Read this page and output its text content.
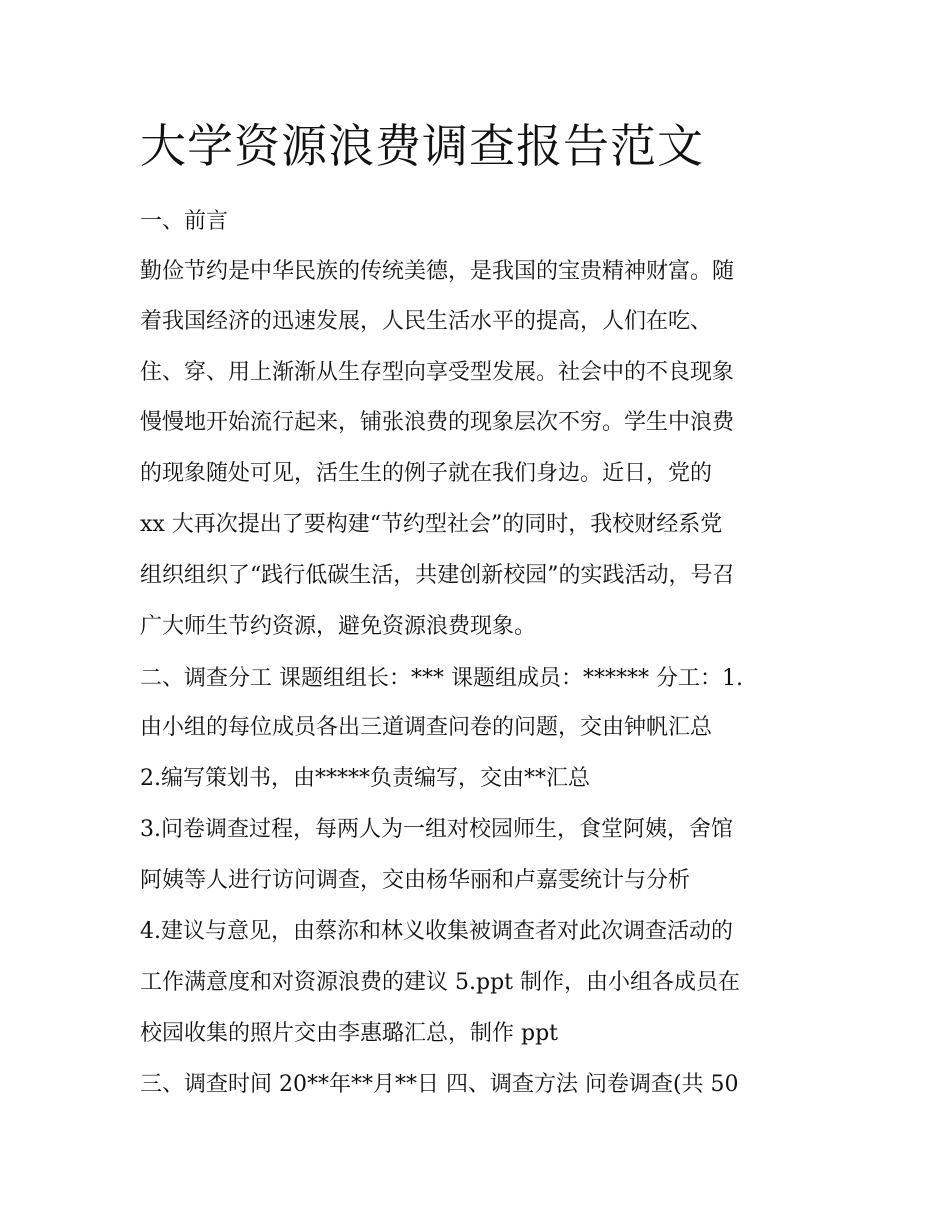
大学资源浪费调查报告范文

一、前言

勤俭节约是中华民族的传统美德，是我国的宝贵精神财富。随

着我国经济的迅速发展，人民生活水平的提高，人们在吃、

住、穿、用上渐渐从生存型向享受型发展。社会中的不良现象

慢慢地开始流行起来，铺张浪费的现象层次不穷。学生中浪费

的现象随处可见，活生生的例子就在我们身边。近日，党的

xx 大再次提出了要构建“节约型社会”的同时，我校财经系党

组织组织了“践行低碳生活，共建创新校园”的实践活动，号召

广大师生节约资源，避免资源浪费现象。

二、调查分工 课题组组长：*** 课题组成员：****** 分工：1.

由小组的每位成员各出三道调查问卷的问题，交由钟帆汇总

2.编写策划书，由*****负责编写，交由**汇总

3.问卷调查过程，每两人为一组对校园师生，食堂阿姨，舍馆

阿姨等人进行访问调查，交由杨华丽和卢嘉雯统计与分析

4.建议与意见，由蔡沵和林义收集被调查者对此次调查活动的

工作满意度和对资源浪费的建议 5.ppt 制作，由小组各成员在

校园收集的照片交由李惠璐汇总，制作 ppt

三、调查时间 20**年**月**日 四、调查方法 问卷调查(共 50
